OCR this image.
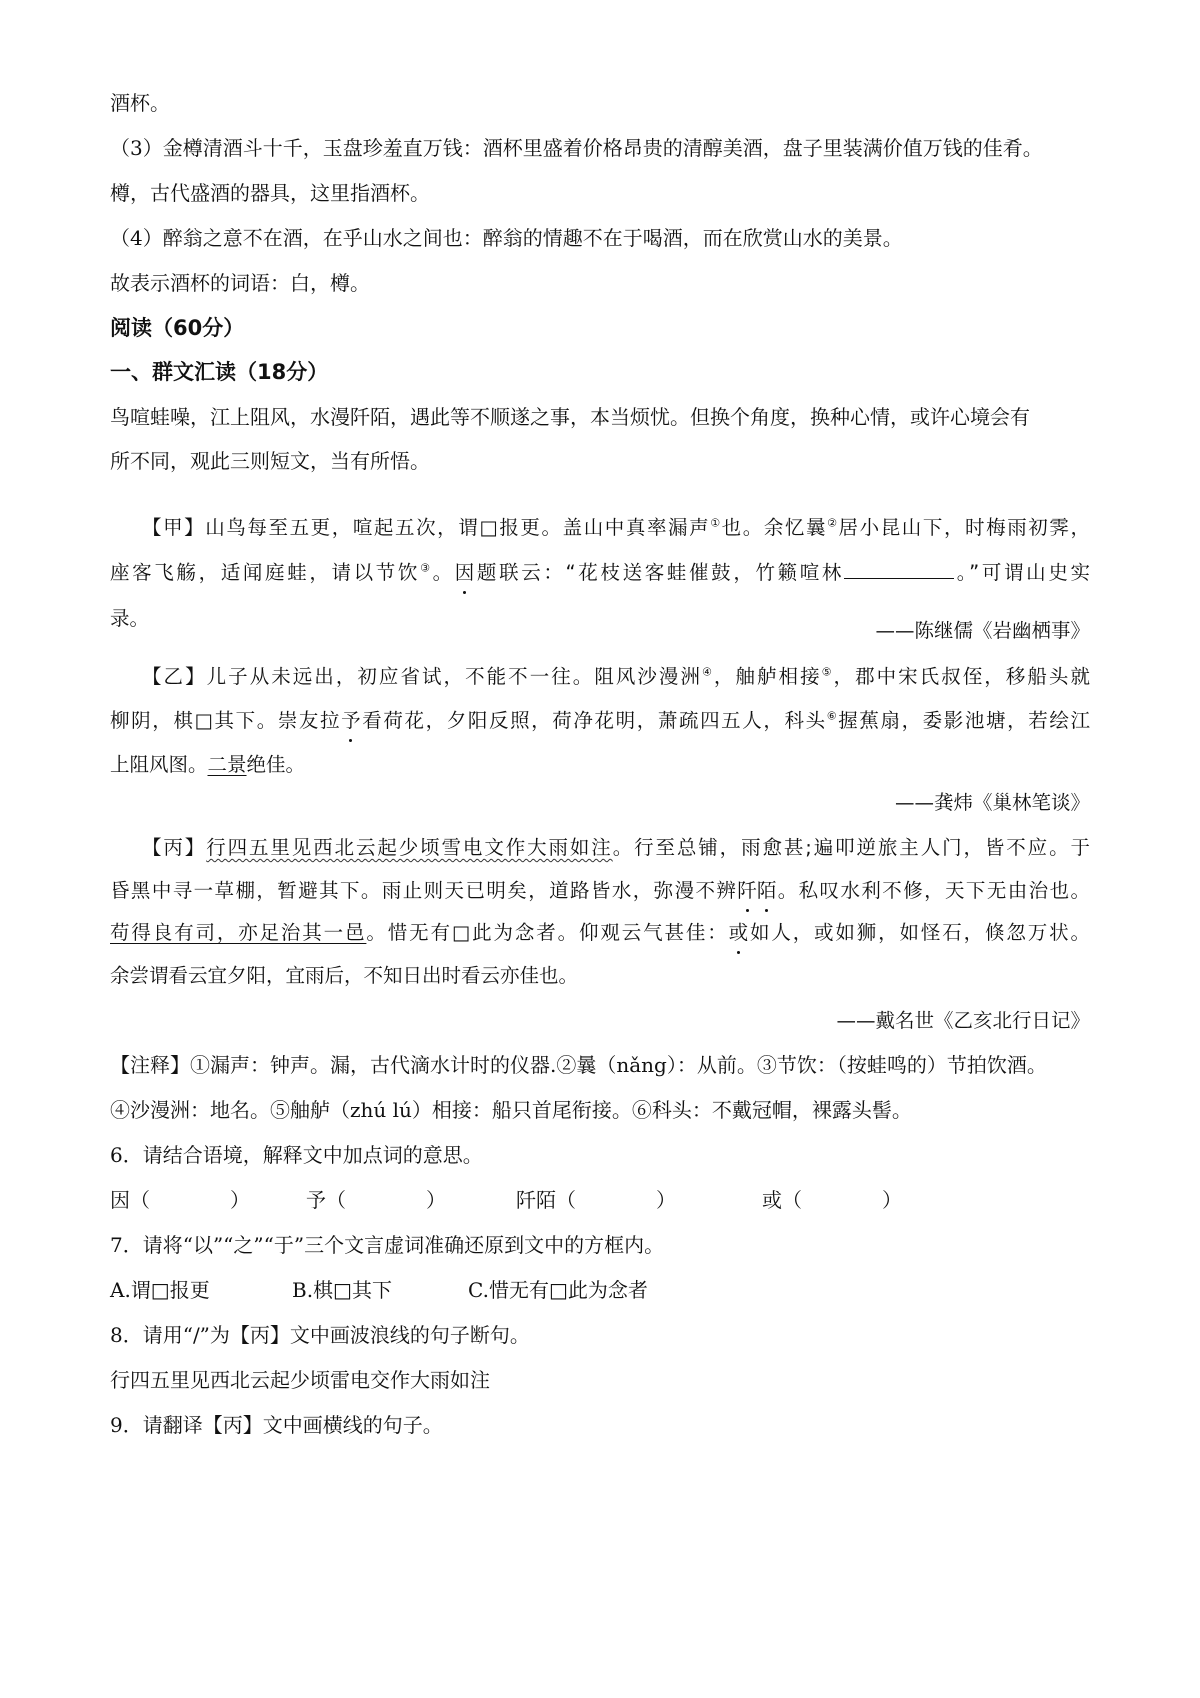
酒杯。
（3）金樽清酒斗十千，玉盘珍羞直万钱：酒杯里盛着价格昂贵的清醇美酒，盘子里装满价值万钱的佳肴。
樽，古代盛酒的器具，这里指酒杯。
（4）醉翁之意不在酒，在乎山水之间也：醉翁的情趣不在于喝酒，而在欣赏山水的美景。
故表示酒杯的词语：白，樽。
阅读（60分）
一、群文汇读（18分）
鸟喧蛙噪，江上阻风，水漫阡陌，遇此等不顺遂之事，本当烦忧。但换个角度，换种心情，或许心境会有
所不同，观此三则短文，当有所悟。
【甲】山鸟每至五更，喧起五次，谓□报更。盖山中真率漏声①也。余忆曩②居小昆山下，时梅雨初霁，
座客飞觞，适闻庭蛙，请以节饮③。因题联云：“花枝送客蛙催鼓，竹籁喧林	。”可谓山史实
录。
——陈继儒《岩幽栖事》
【乙】儿子从未远出，初应省试，不能不一往。阻风沙漫洲④，舳舻相接⑤，郡中宋氏叔侄，移船头就
柳阴，棋□其下。崇友拉予看荷花，夕阳反照，荷净花明，萧疏四五人，科头⑥握蕉扇，委影池塘，若绘江
上阻风图。二景绝佳。
——龚炜《巢林笔谈》
【丙】行四五里见西北云起少顷雪电文作大雨如注。行至总铺，雨愈甚;遍叩逆旅主人门，皆不应。于
昏黑中寻一草棚，暂避其下。雨止则天已明矣，道路皆水，弥漫不辨阡陌。私叹水利不修，天下无由治也。
苟得良有司，亦足治其一邑。惜无有□此为念者。仰观云气甚佳：或如人，或如狮，如怪石，倏忽万状。
余尝谓看云宜夕阳，宜雨后，不知日出时看云亦佳也。
——戴名世《乙亥北行日记》
【注释】①漏声：钟声。漏，古代滴水计时的仪器.②曩（nǎng）：从前。③节饮：（按蛙鸣的）节拍饮酒。
④沙漫洲：地名。⑤舳舻（zhú lú）相接：船只首尾衔接。⑥科头：不戴冠帽，裸露头髻。
6．请结合语境，解释文中加点词的意思。
因（　　　　）	予（　　　　）	阡陌（　　　　）	或（　　　　）
7．请将“以”“之”“于”三个文言虚词准确还原到文中的方框内。
A.谓□报更	B.棋□其下	C.惜无有□此为念者
8．请用“/”为【丙】文中画波浪线的句子断句。
行四五里见西北云起少顷雷电交作大雨如注
9．请翻译【丙】文中画横线的句子。
